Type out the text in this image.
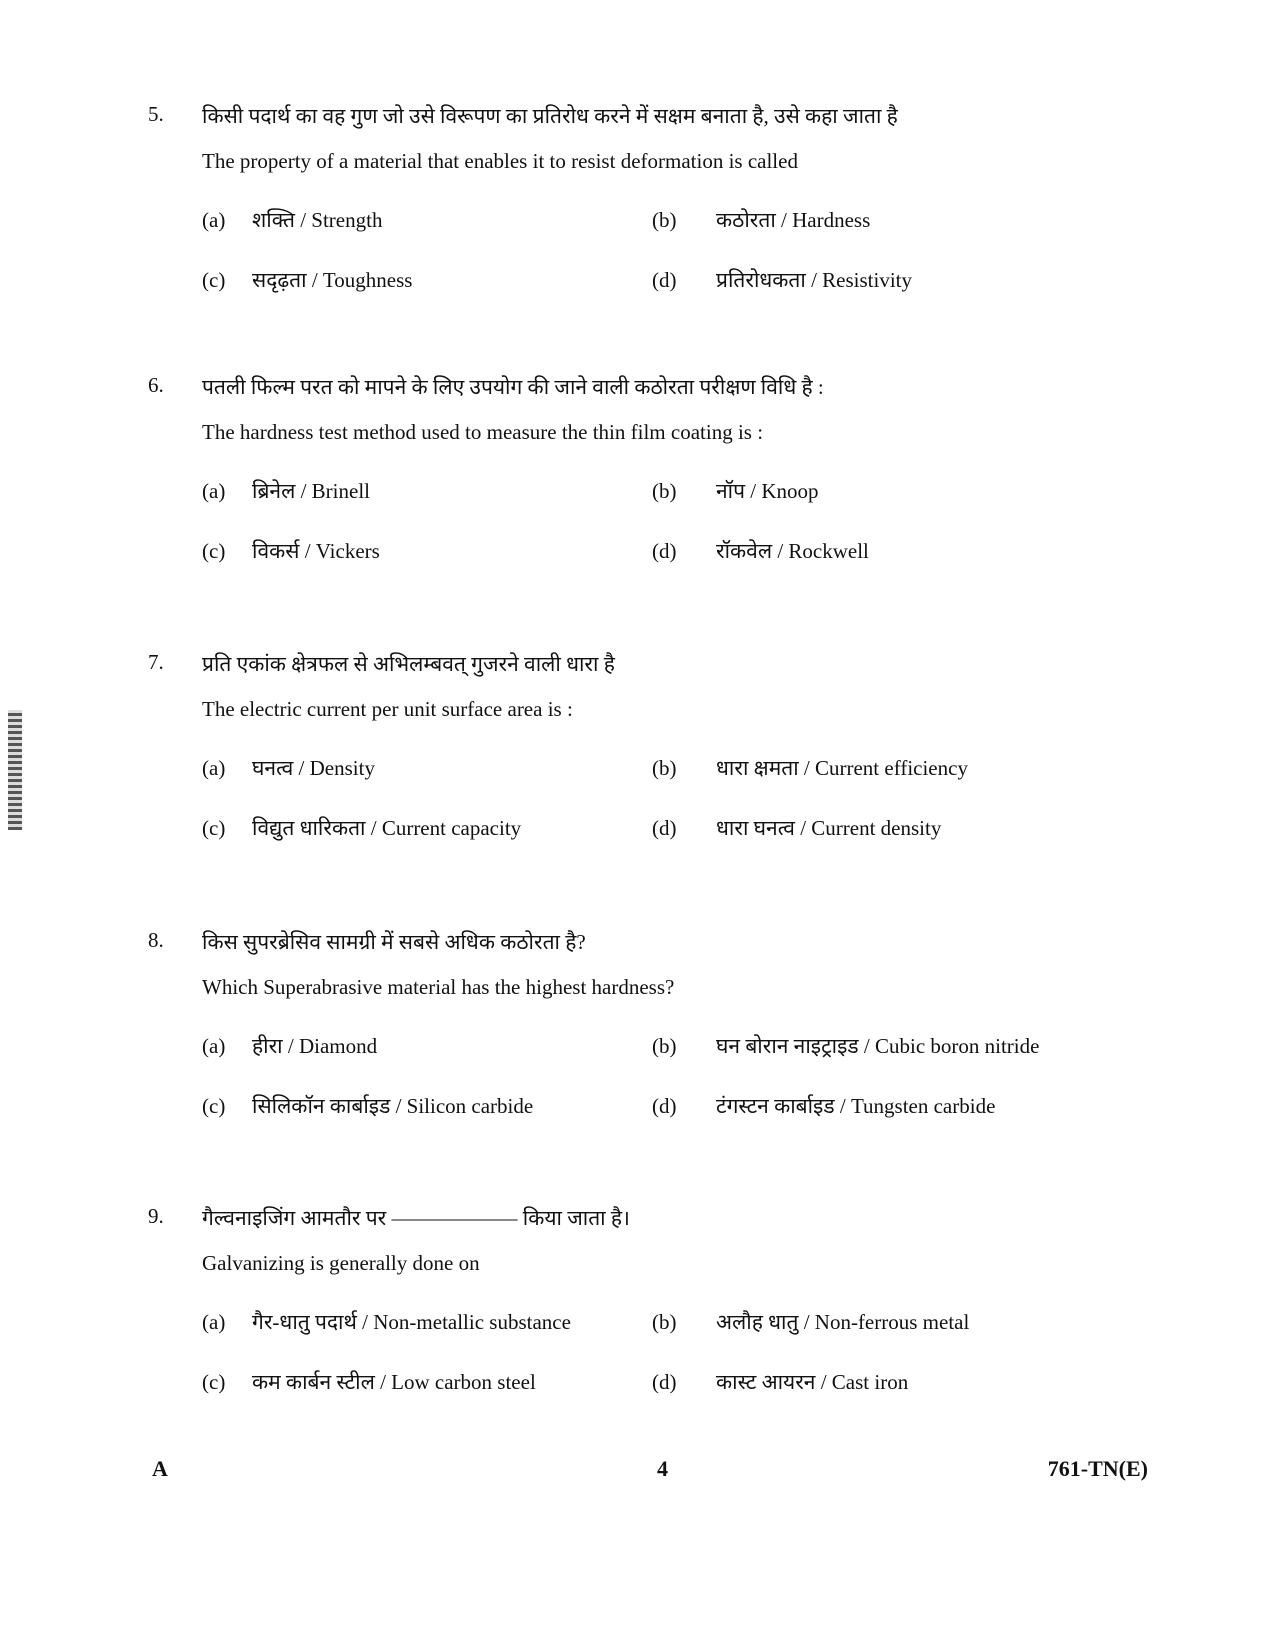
5. किसी पदार्थ का वह गुण जो उसे विरूपण का प्रतिरोध करने में सक्षम बनाता है, उसे कहा जाता है
The property of a material that enables it to resist deformation is called
(a) शक्ति / Strength	(b) कठोरता / Hardness
(c) सदृढ़ता / Toughness	(d) प्रतिरोधकता / Resistivity
6. पतली फिल्म परत को मापने के लिए उपयोग की जाने वाली कठोरता परीक्षण विधि है :
The hardness test method used to measure the thin film coating is :
(a) ब्रिनेल / Brinell	(b) नॉप / Knoop
(c) विकर्स / Vickers	(d) रॉकवेल / Rockwell
7. प्रति एकांक क्षेत्रफल से अभिलम्बवत् गुजरने वाली धारा है
The electric current per unit surface area is :
(a) घनत्व / Density	(b) धारा क्षमता / Current efficiency
(c) विद्युत धारिकता / Current capacity	(d) धारा घनत्व / Current density
8. किस सुपरब्रेसिव सामग्री में सबसे अधिक कठोरता है?
Which Superabrasive material has the highest hardness?
(a) हीरा / Diamond	(b) घन बोरान नाइट्राइड / Cubic boron nitride
(c) सिलिकॉन कार्बाइड / Silicon carbide	(d) टंगस्टन कार्बाइड / Tungsten carbide
9. गैल्वनाइजिंग आमतौर पर —————— किया जाता है।
Galvanizing is generally done on
(a) गैर-धातु पदार्थ / Non-metallic substance	(b) अलौह धातु / Non-ferrous metal
(c) कम कार्बन स्टील / Low carbon steel	(d) कास्ट आयरन / Cast iron
A	4	761-TN(E)
